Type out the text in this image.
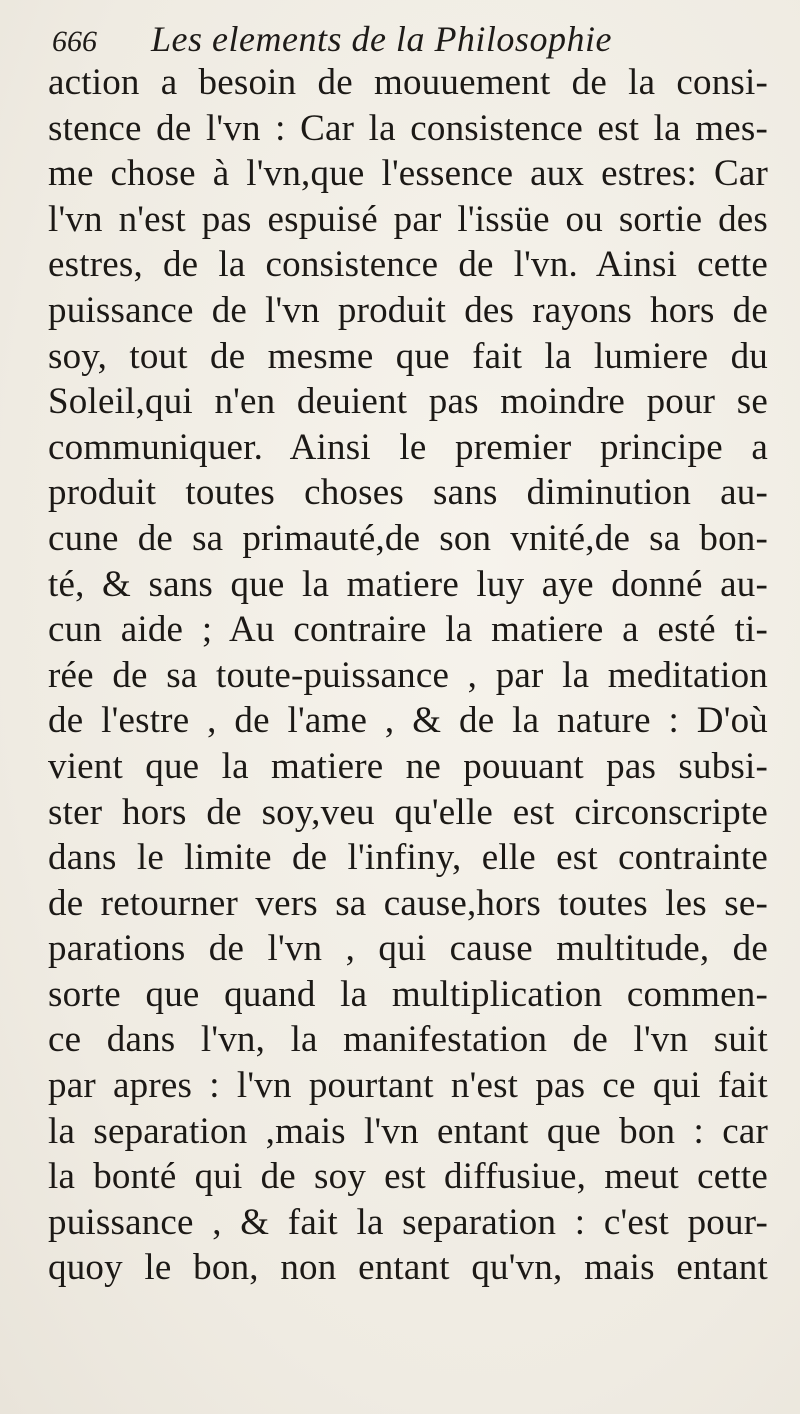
666 Les elements de la Philosophie
action a besoin de mouuement de la consi-
stence de l'vn : Car la consistence est la mes-
me chose à l'vn,que l'essence aux estres: Car
l'vn n'est pas espuisé par l'issüe ou sortie des
estres, de la consistence de l'vn. Ainsi cette
puissance de l'vn produit des rayons hors de
soy, tout de mesme que fait la lumiere du
Soleil,qui n'en deuient pas moindre pour se
communiquer. Ainsi le premier principe a
produit toutes choses sans diminution au-
cune de sa primauté,de son vnité,de sa bon-
té, & sans que la matiere luy aye donné au-
cun aide ; Au contraire la matiere a esté ti-
rée de sa toute-puissance , par la meditation
de l'estre , de l'ame , & de la nature : D'où
vient que la matiere ne pouuant pas subsi-
ster hors de soy,veu qu'elle est circonscripte
dans le limite de l'infiny, elle est contrainte
de retourner vers sa cause,hors toutes les se-
parations de l'vn , qui cause multitude, de
sorte que quand la multiplication commen-
ce dans l'vn, la manifestation de l'vn suit
par apres : l'vn pourtant n'est pas ce qui fait
la separation ,mais l'vn entant que bon : car
la bonté qui de soy est diffusiue, meut cette
puissance , & fait la separation : c'est pour-
quoy le bon, non entant qu'vn, mais entant
